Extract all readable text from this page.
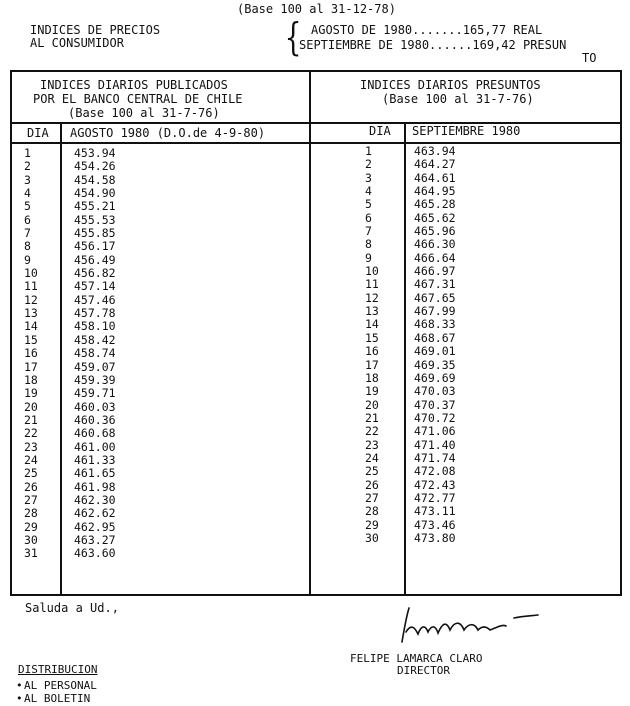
(Base 100 al 31-12-78)
INDICES DE PRECIOS
AL CONSUMIDOR	{ AGOSTO DE 1980.......165,77 REAL
SEPTIEMBRE DE 1980......169,42 PRESUN
TO
INDICES DIARIOS PUBLICADOS
POR EL BANCO CENTRAL DE CHILE
(Base 100 al 31-7-76)
DIA AGOSTO 1980 (D.O.de 4-9-80)
INDICES DIARIOS PRESUNTOS
(Base 100 al 31-7-76)
DIA SEPTIEMBRE 1980
1
2
3
4
5
6
7
8
9
10
11
12
13
14
15
16
17
18
19
20
21
22
23
24
25
26
27
28
29
30
31
453.94
454.26
454.58
454.90
455.21
455.53
455.85
456.17
456.49
456.82
457.14
457.46
457.78
458.10
458.42
458.74
459.07
459.39
459.71
460.03
460.36
460.68
461.00
461.33
461.65
461.98
462.30
462.62
462.95
463.27
463.60
1
2
3
4
5
6
7
8
9
10
11
12
13
14
15
16
17
18
19
20
21
22
23
24
25
26
27
28
29
30
463.94
464.27
464.61
464.95
465.28
465.62
465.96
466.30
466.64
466.97
467.31
467.65
467.99
468.33
468.67
469.01
469.35
469.69
470.03
470.37
470.72
471.06
471.40
471.74
472.08
472.43
472.77
473.11
473.46
473.80
Saluda a Ud.,
FELIPE LAMARCA CLARO
DIRECTOR
DISTRIBUCION
•AL PERSONAL
•AL BOLETIN
